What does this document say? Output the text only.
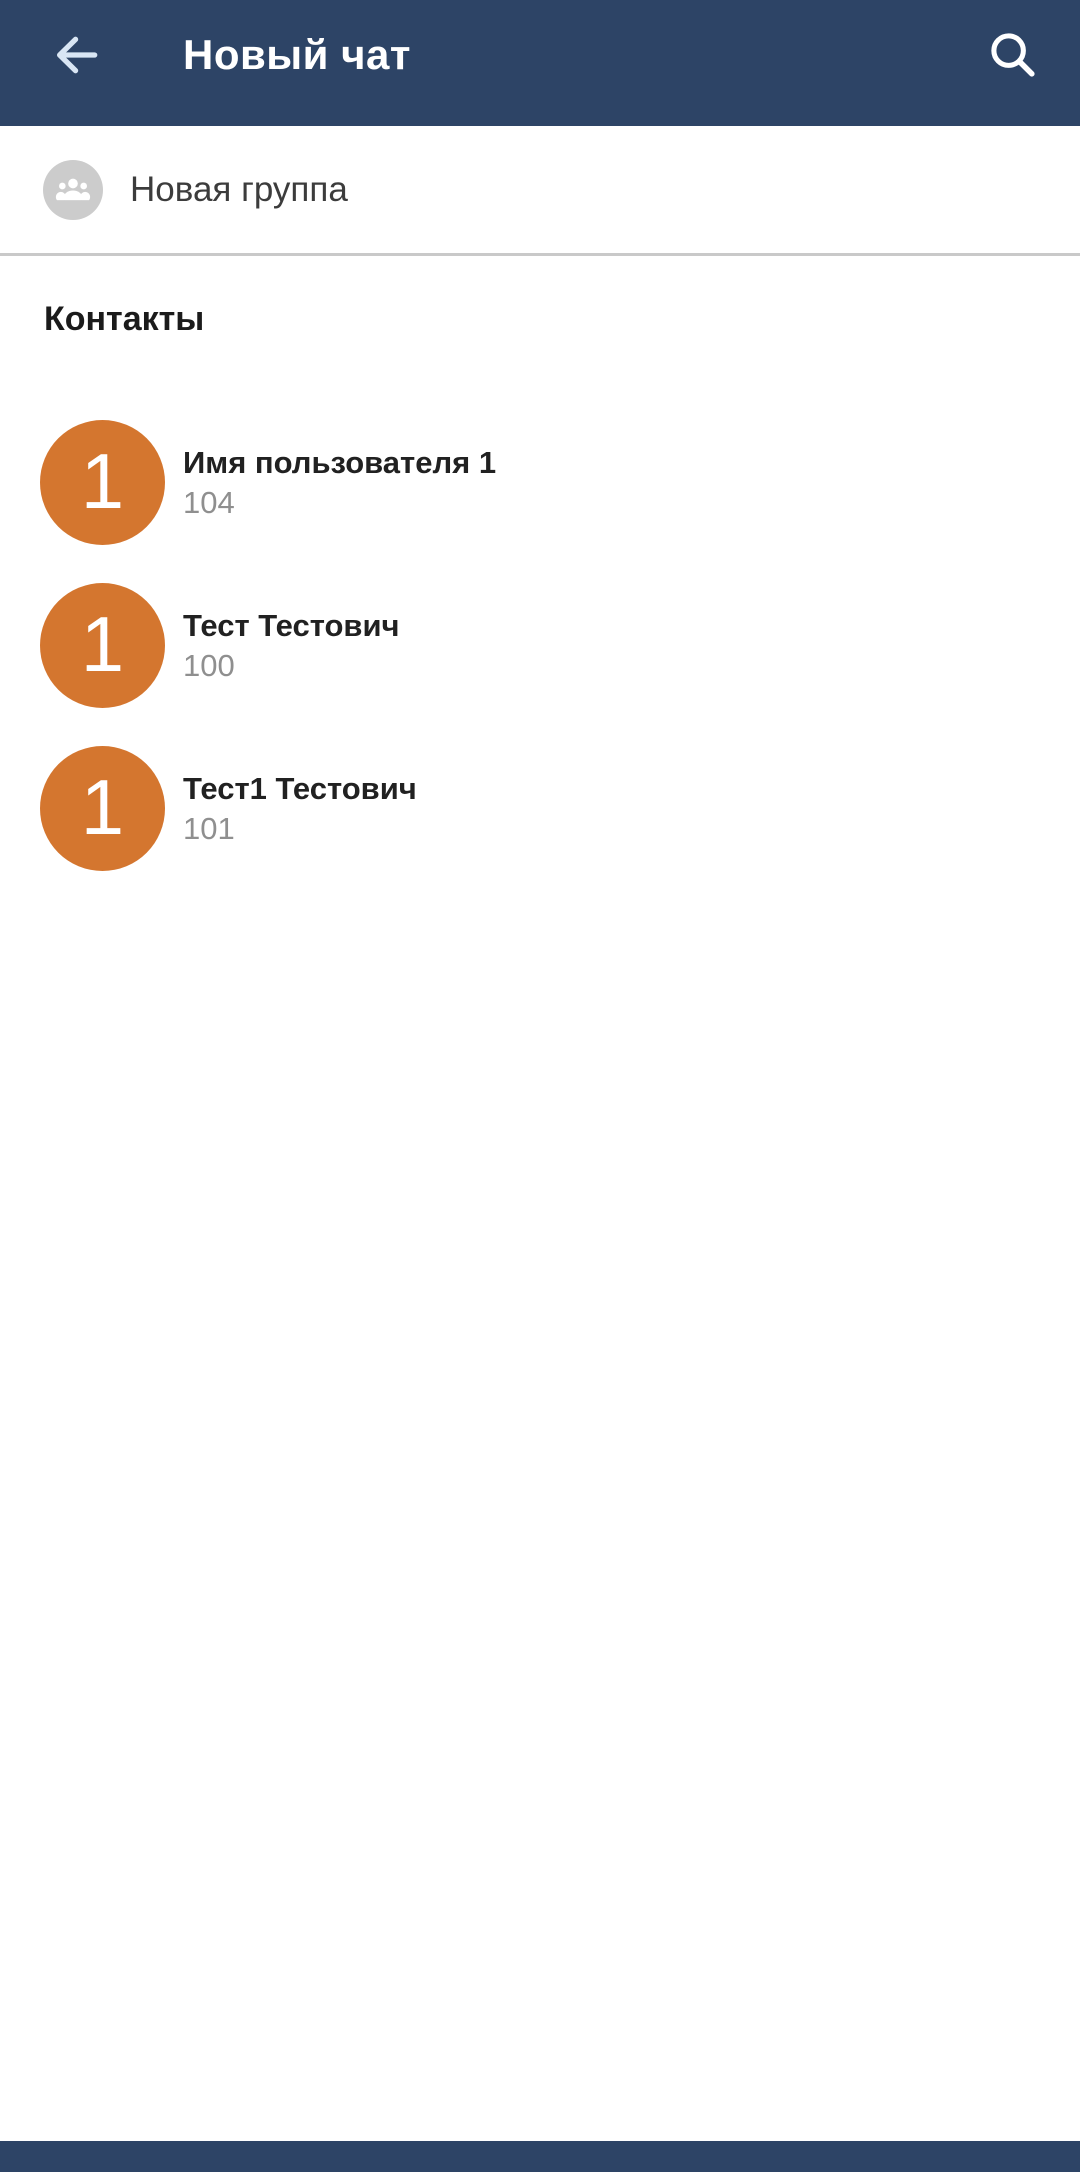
Новый чат
Новая группа
Контакты
1 Имя пользователя 1
104
1 Тест Тестович
100
1 Тест1 Тестович
101
